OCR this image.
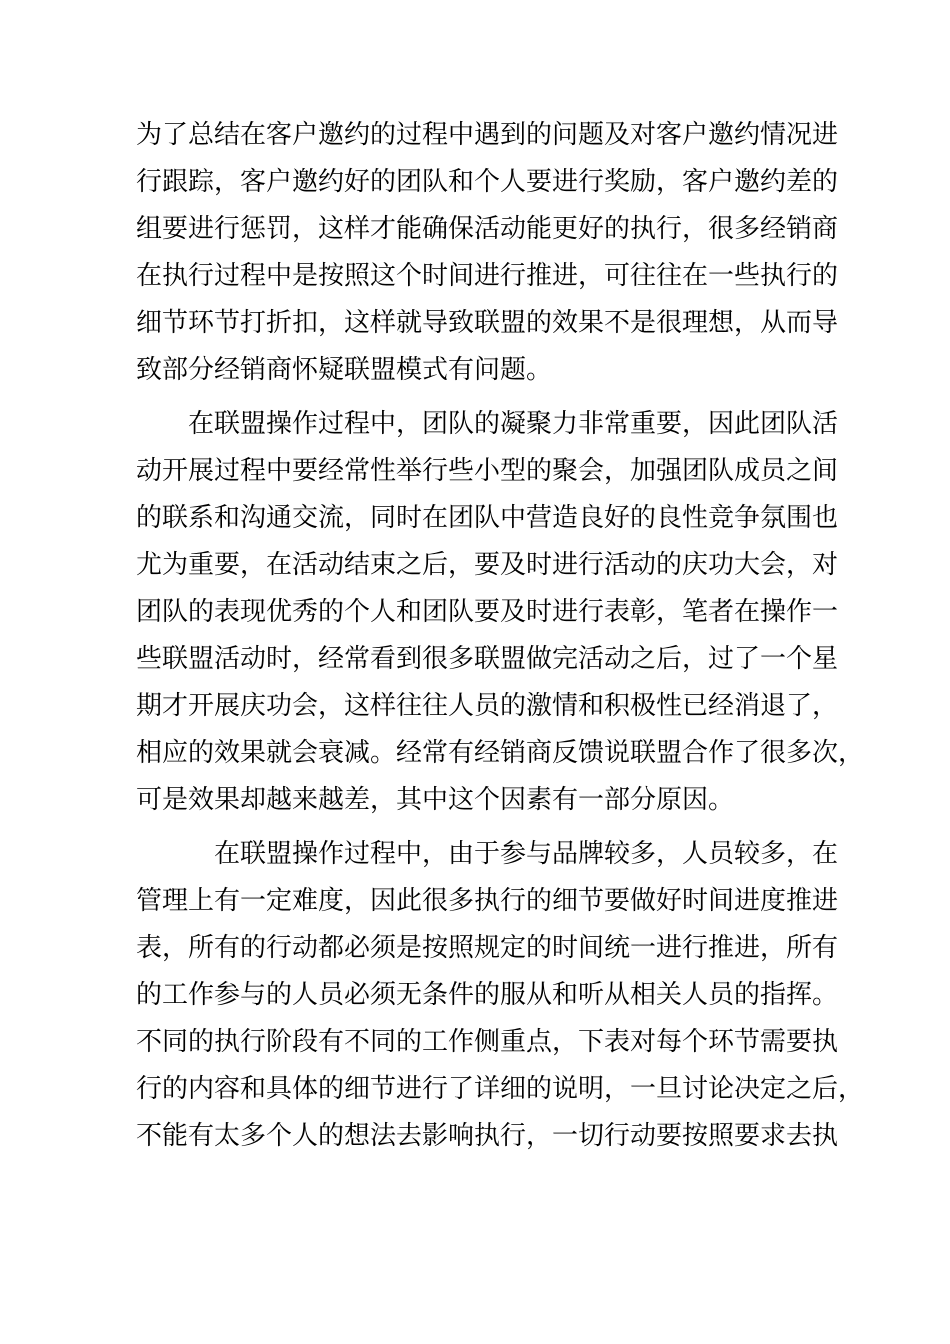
为了总结在客户邀约的过程中遇到的问题及对客户邀约情况进
行跟踪，客户邀约好的团队和个人要进行奖励，客户邀约差的
组要进行惩罚，这样才能确保活动能更好的执行，很多经销商
在执行过程中是按照这个时间进行推进，可往往在一些执行的
细节环节打折扣，这样就导致联盟的效果不是很理想，从而导
致部分经销商怀疑联盟模式有问题。
在联盟操作过程中，团队的凝聚力非常重要，因此团队活
动开展过程中要经常性举行些小型的聚会，加强团队成员之间
的联系和沟通交流，同时在团队中营造良好的良性竞争氛围也
尤为重要，在活动结束之后，要及时进行活动的庆功大会，对
团队的表现优秀的个人和团队要及时进行表彰，笔者在操作一
些联盟活动时，经常看到很多联盟做完活动之后，过了一个星
期才开展庆功会，这样往往人员的激情和积极性已经消退了，
相应的效果就会衰减。经常有经销商反馈说联盟合作了很多次，
可是效果却越来越差，其中这个因素有一部分原因。
在联盟操作过程中，由于参与品牌较多，人员较多，在
管理上有一定难度，因此很多执行的细节要做好时间进度推进
表，所有的行动都必须是按照规定的时间统一进行推进，所有
的工作参与的人员必须无条件的服从和听从相关人员的指挥。
不同的执行阶段有不同的工作侧重点，下表对每个环节需要执
行的内容和具体的细节进行了详细的说明，一旦讨论决定之后，
不能有太多个人的想法去影响执行，一切行动要按照要求去执
